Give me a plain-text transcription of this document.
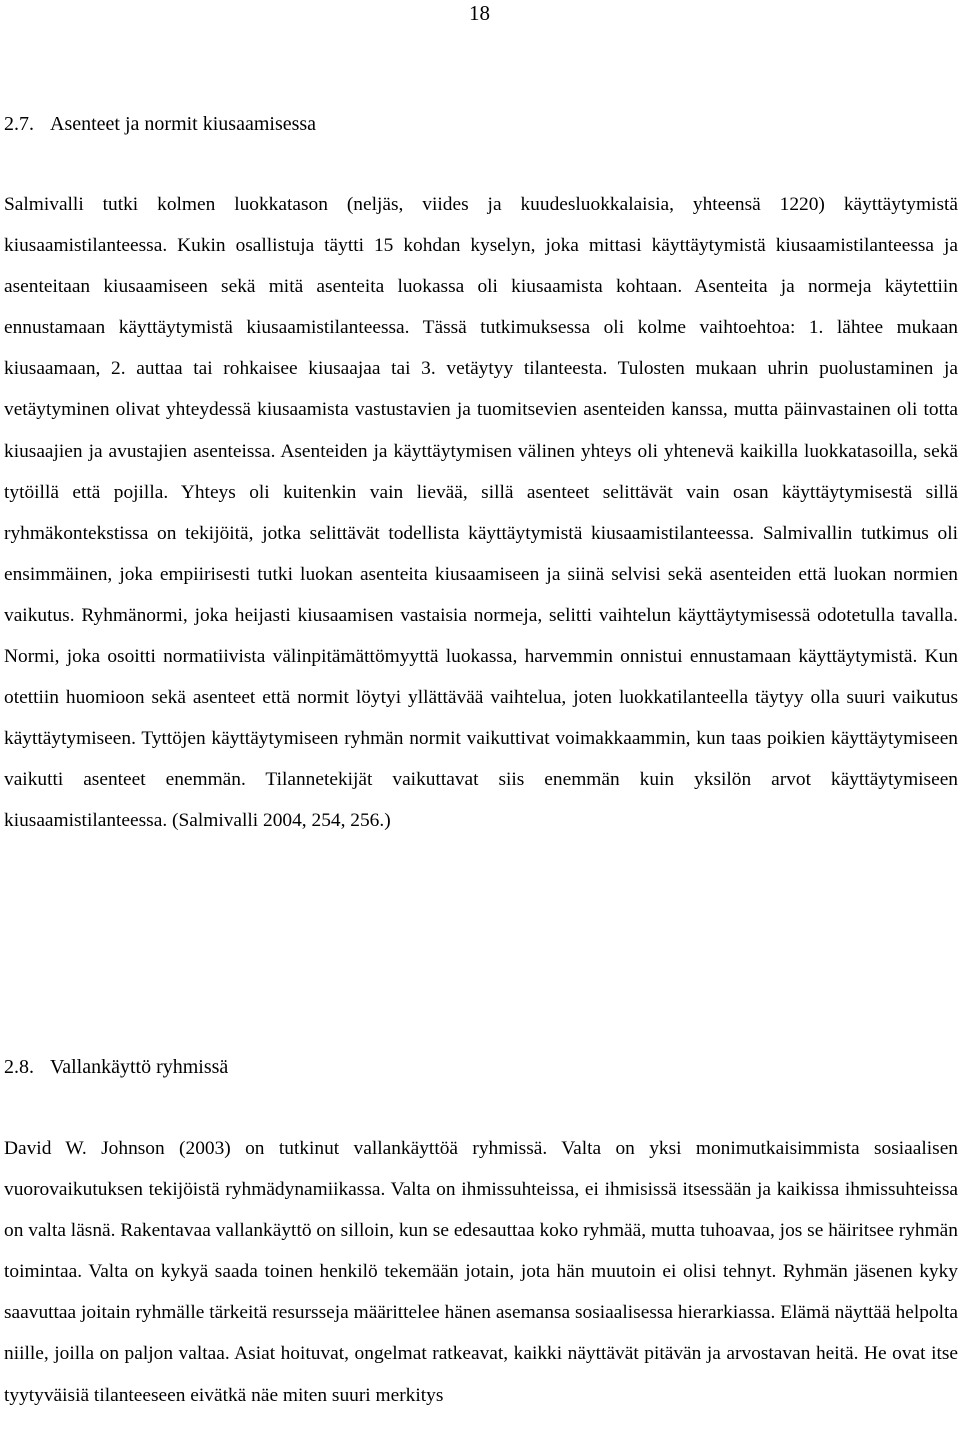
18
2.7. Asenteet ja normit kiusaamisessa

Salmivalli tutki kolmen luokkatason (neljäs, viides ja kuudesluokkalaisia, yhteensä 1220) käyttäytymistä kiusaamistilanteessa. Kukin osallistuja täytti 15 kohdan kyselyn, joka mittasi käyttäytymistä kiusaamistilanteessa ja asenteitaan kiusaamiseen sekä mitä asenteita luokassa oli kiusaamista kohtaan. Asenteita ja normeja käytettiin ennustamaan käyttäytymistä kiusaamistilanteessa. Tässä tutkimuksessa oli kolme vaihtoehtoa: 1. lähtee mukaan kiusaamaan, 2. auttaa tai rohkaisee kiusaajaa tai 3. vetäytyy tilanteesta. Tulosten mukaan uhrin puolustaminen ja vetäytyminen olivat yhteydessä kiusaamista vastustavien ja tuomitsevien asenteiden kanssa, mutta päinvastainen oli totta kiusaajien ja avustajien asenteissa. Asenteiden ja käyttäytymisen välinen yhteys oli yhtenevä kaikilla luokkatasoilla, sekä tytöillä että pojilla. Yhteys oli kuitenkin vain lievää, sillä asenteet selittävät vain osan käyttäytymisestä sillä ryhmäkontekstissa on tekijöitä, jotka selittävät todellista käyttäytymistä kiusaamistilanteessa. Salmivallin tutkimus oli ensimmäinen, joka empiirisesti tutki luokan asenteita kiusaamiseen ja siinä selvisi sekä asenteiden että luokan normien vaikutus. Ryhmänormi, joka heijasti kiusaamisen vastaisia normeja, selitti vaihtelun käyttäytymisessä odotetulla tavalla. Normi, joka osoitti normatiivista välinpitämättömyyttä luokassa, harvemmin onnistui ennustamaan käyttäytymistä. Kun otettiin huomioon sekä asenteet että normit löytyi yllättävää vaihtelua, joten luokkatilanteella täytyy olla suuri vaikutus käyttäytymiseen. Tyttöjen käyttäytymiseen ryhmän normit vaikuttivat voimakkaammin, kun taas poikien käyttäytymiseen vaikutti asenteet enemmän. Tilannetekijät vaikuttavat siis enemmän kuin yksilön arvot käyttäytymiseen kiusaamistilanteessa. (Salmivalli 2004, 254, 256.)

2.8. Vallankäyttö ryhmissä

David W. Johnson (2003) on tutkinut vallankäyttöä ryhmissä. Valta on yksi monimutkaisimmista sosiaalisen vuorovaikutuksen tekijöistä ryhmädynamiikassa. Valta on ihmissuhteissa, ei ihmisissä itsessään ja kaikissa ihmissuhteissa on valta läsnä. Rakentavaa vallankäyttö on silloin, kun se edesauttaa koko ryhmää, mutta tuhoavaa, jos se häiritsee ryhmän toimintaa. Valta on kykyä saada toinen henkilö tekemään jotain, jota hän muutoin ei olisi tehnyt. Ryhmän jäsenen kyky saavuttaa joitain ryhmälle tärkeitä resursseja määrittelee hänen asemansa sosiaalisessa hierarkiassa. Elämä näyttää helpolta niille, joilla on paljon valtaa. Asiat hoituvat, ongelmat ratkeavat, kaikki näyttävät pitävän ja arvostavan heitä. He ovat itse tyytyväisiä tilanteeseen eivätkä näe miten suuri merkitys
